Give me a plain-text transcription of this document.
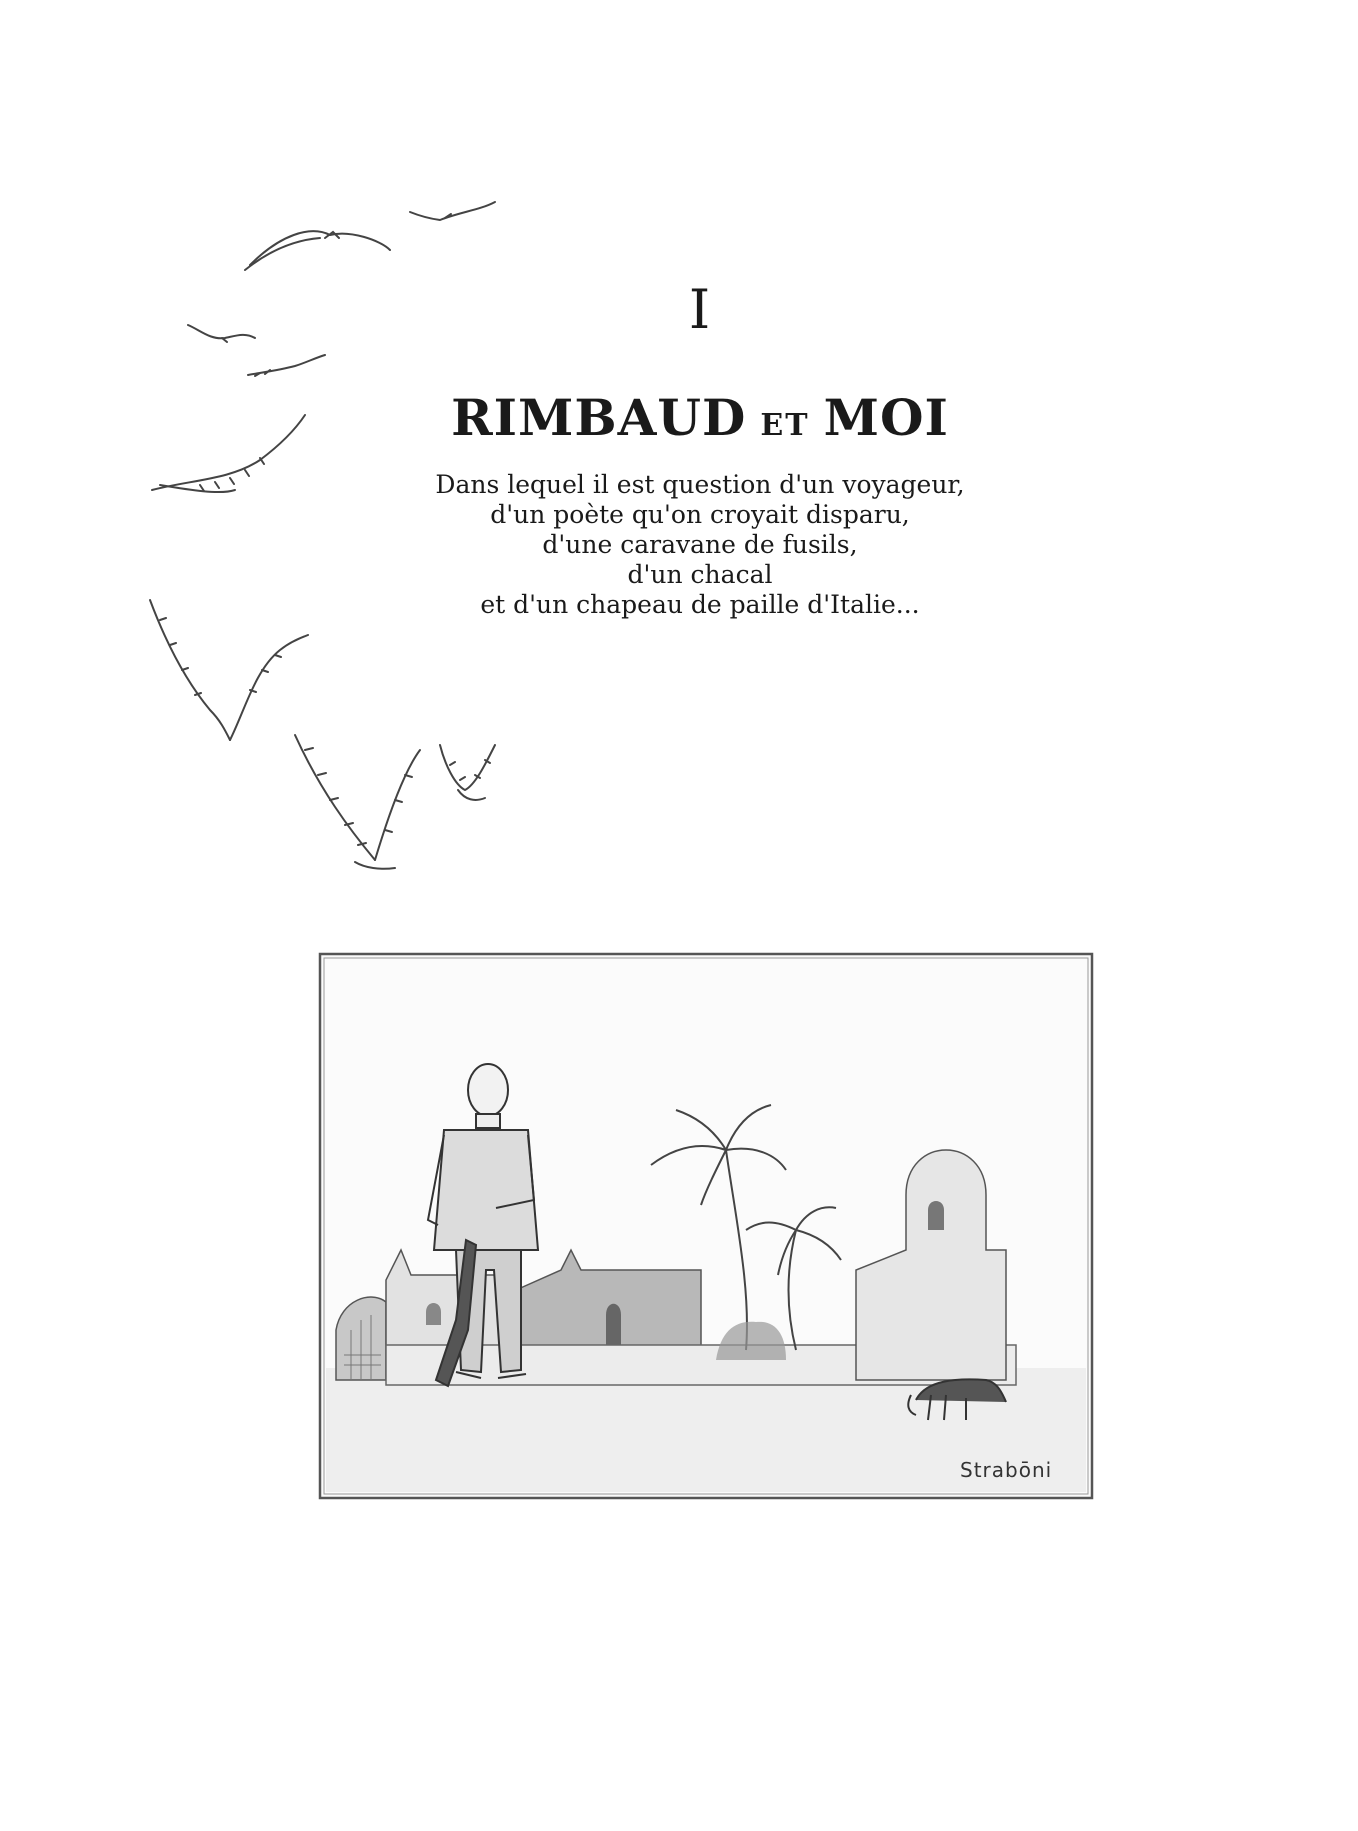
I
RIMBAUD ET MOI
Dans lequel il est question d'un voyageur,
d'un poète qu'on croyait disparu,
d'une caravane de fusils,
d'un chacal
et d'un chapeau de paille d'Italie...
Strabōni
